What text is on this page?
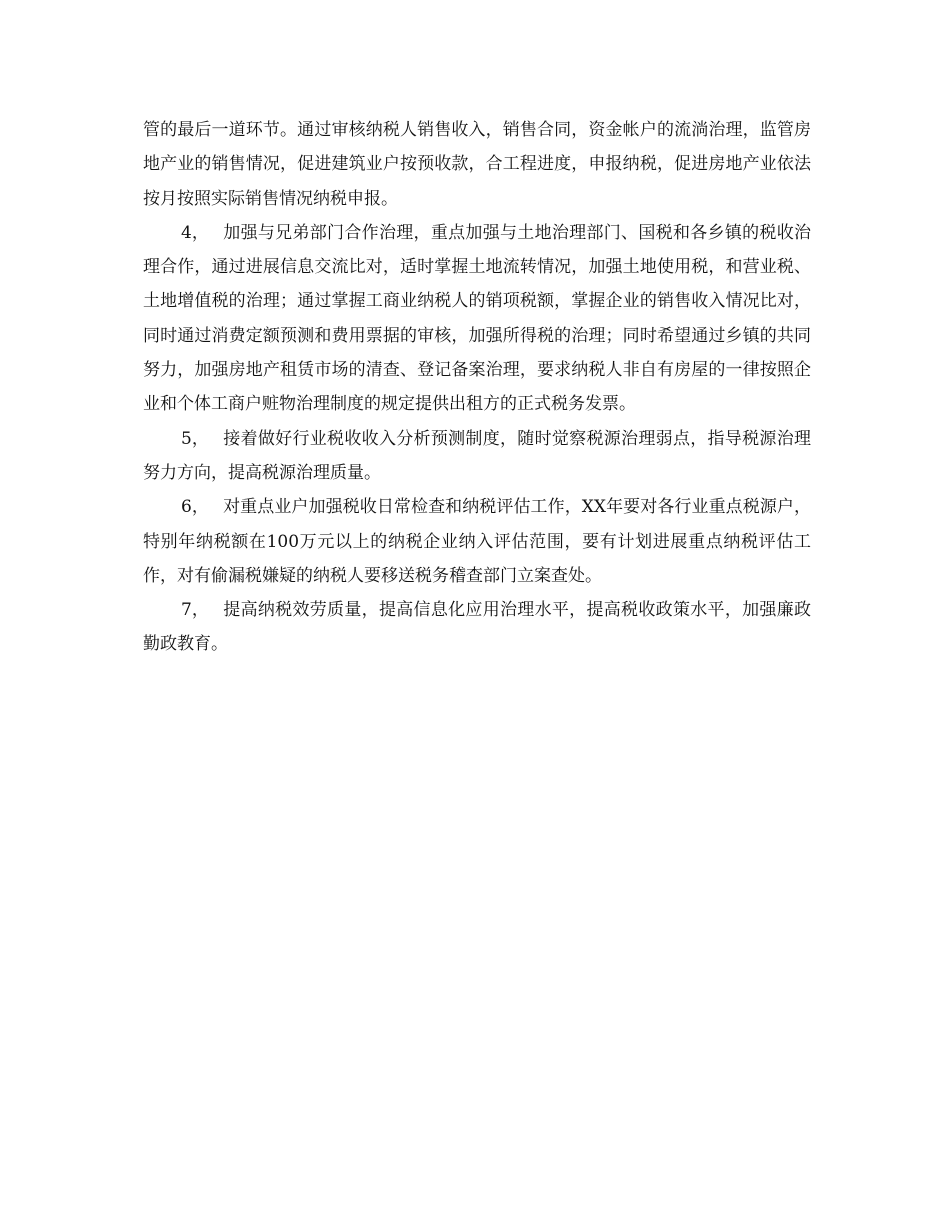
管的最后一道环节。通过审核纳税人销售收入，销售合同，资金帐户的流淌治理，监管房地产业的销售情况，促进建筑业户按预收款，合工程进度，申报纳税，促进房地产业依法按月按照实际销售情况纳税申报。

4， 加强与兄弟部门合作治理，重点加强与土地治理部门、国税和各乡镇的税收治理合作，通过进展信息交流比对，适时掌握土地流转情况，加强土地使用税，和营业税、土地增值税的治理；通过掌握工商业纳税人的销项税额，掌握企业的销售收入情况比对，同时通过消费定额预测和费用票据的审核，加强所得税的治理；同时希望通过乡镇的共同努力，加强房地产租赁市场的清查、登记备案治理，要求纳税人非自有房屋的一律按照企业和个体工商户赃物治理制度的规定提供出租方的正式税务发票。

5， 接着做好行业税收收入分析预测制度，随时觉察税源治理弱点，指导税源治理努力方向，提高税源治理质量。

6， 对重点业户加强税收日常检查和纳税评估工作，XX年要对各行业重点税源户，特别年纳税额在100万元以上的纳税企业纳入评估范围，要有计划进展重点纳税评估工作，对有偷漏税嫌疑的纳税人要移送税务稽查部门立案查处。

7， 提高纳税效劳质量，提高信息化应用治理水平，提高税收政策水平，加强廉政勤政教育。
